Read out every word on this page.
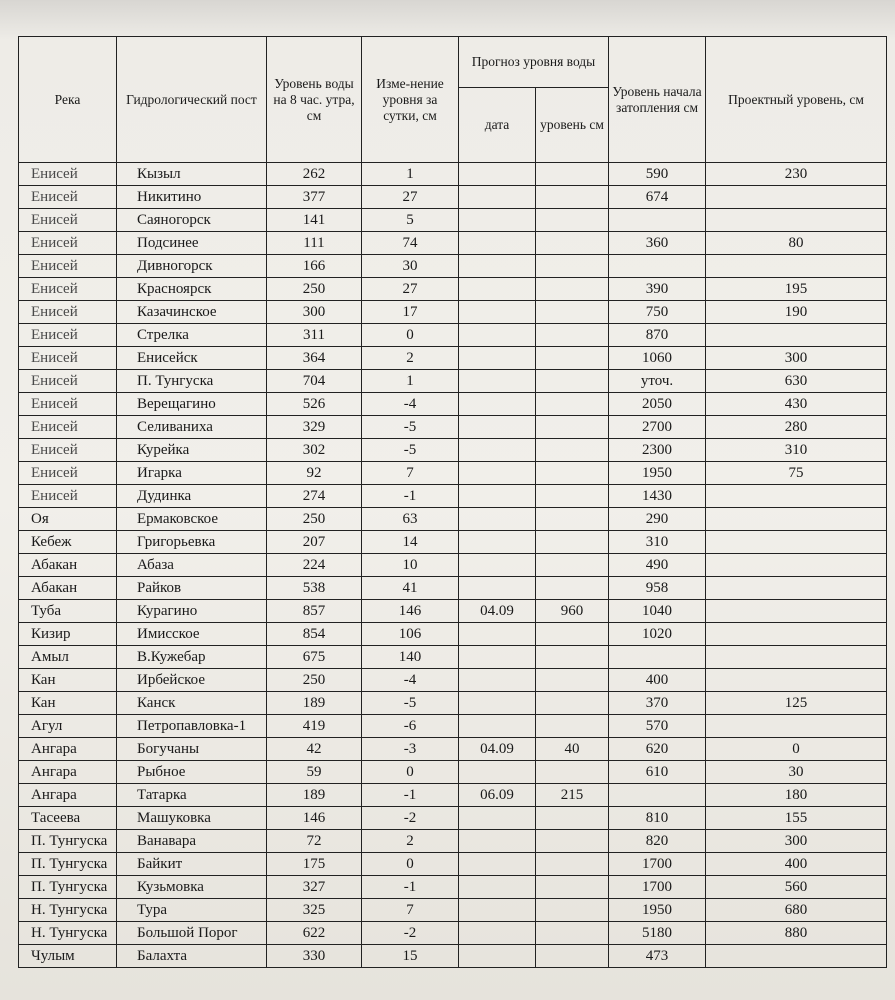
Река	Гидрологический пост	Уровень воды на 8 час. утра, см	Изме-нение уровня за сутки, см	Прогноз уровня воды		Уровень начала затопления см	Проектный уровень, см
				дата	уровень см		
Енисей	Кызыл	262	1			590	230
Енисей	Никитино	377	27			674	
Енисей	Саяногорск	141	5				
Енисей	Подсинее	111	74			360	80
Енисей	Дивногорск	166	30				
Енисей	Красноярск	250	27			390	195
Енисей	Казачинское	300	17			750	190
Енисей	Стрелка	311	0			870	
Енисей	Енисейск	364	2			1060	300
Енисей	П. Тунгуска	704	1			уточ.	630
Енисей	Верещагино	526	-4			2050	430
Енисей	Селиваниха	329	-5			2700	280
Енисей	Курейка	302	-5			2300	310
Енисей	Игарка	92	7			1950	75
Енисей	Дудинка	274	-1			1430	
Оя	Ермаковское	250	63			290	
Кебеж	Григорьевка	207	14			310	
Абакан	Абаза	224	10			490	
Абакан	Райков	538	41			958	
Туба	Курагино	857	146	04.09	960	1040	
Кизир	Имисское	854	106			1020	
Амыл	В.Кужебар	675	140				
Кан	Ирбейское	250	-4			400	
Кан	Канск	189	-5			370	125
Агул	Петропавловка-1	419	-6			570	
Ангара	Богучаны	42	-3	04.09	40	620	0
Ангара	Рыбное	59	0			610	30
Ангара	Татарка	189	-1	06.09	215		180
Тасеева	Машуковка	146	-2			810	155
П. Тунгуска	Ванавара	72	2			820	300
П. Тунгуска	Байкит	175	0			1700	400
П. Тунгуска	Кузьмовка	327	-1			1700	560
Н. Тунгуска	Тура	325	7			1950	680
Н. Тунгуска	Большой Порог	622	-2			5180	880
Чулым	Балахта	330	15			473	
